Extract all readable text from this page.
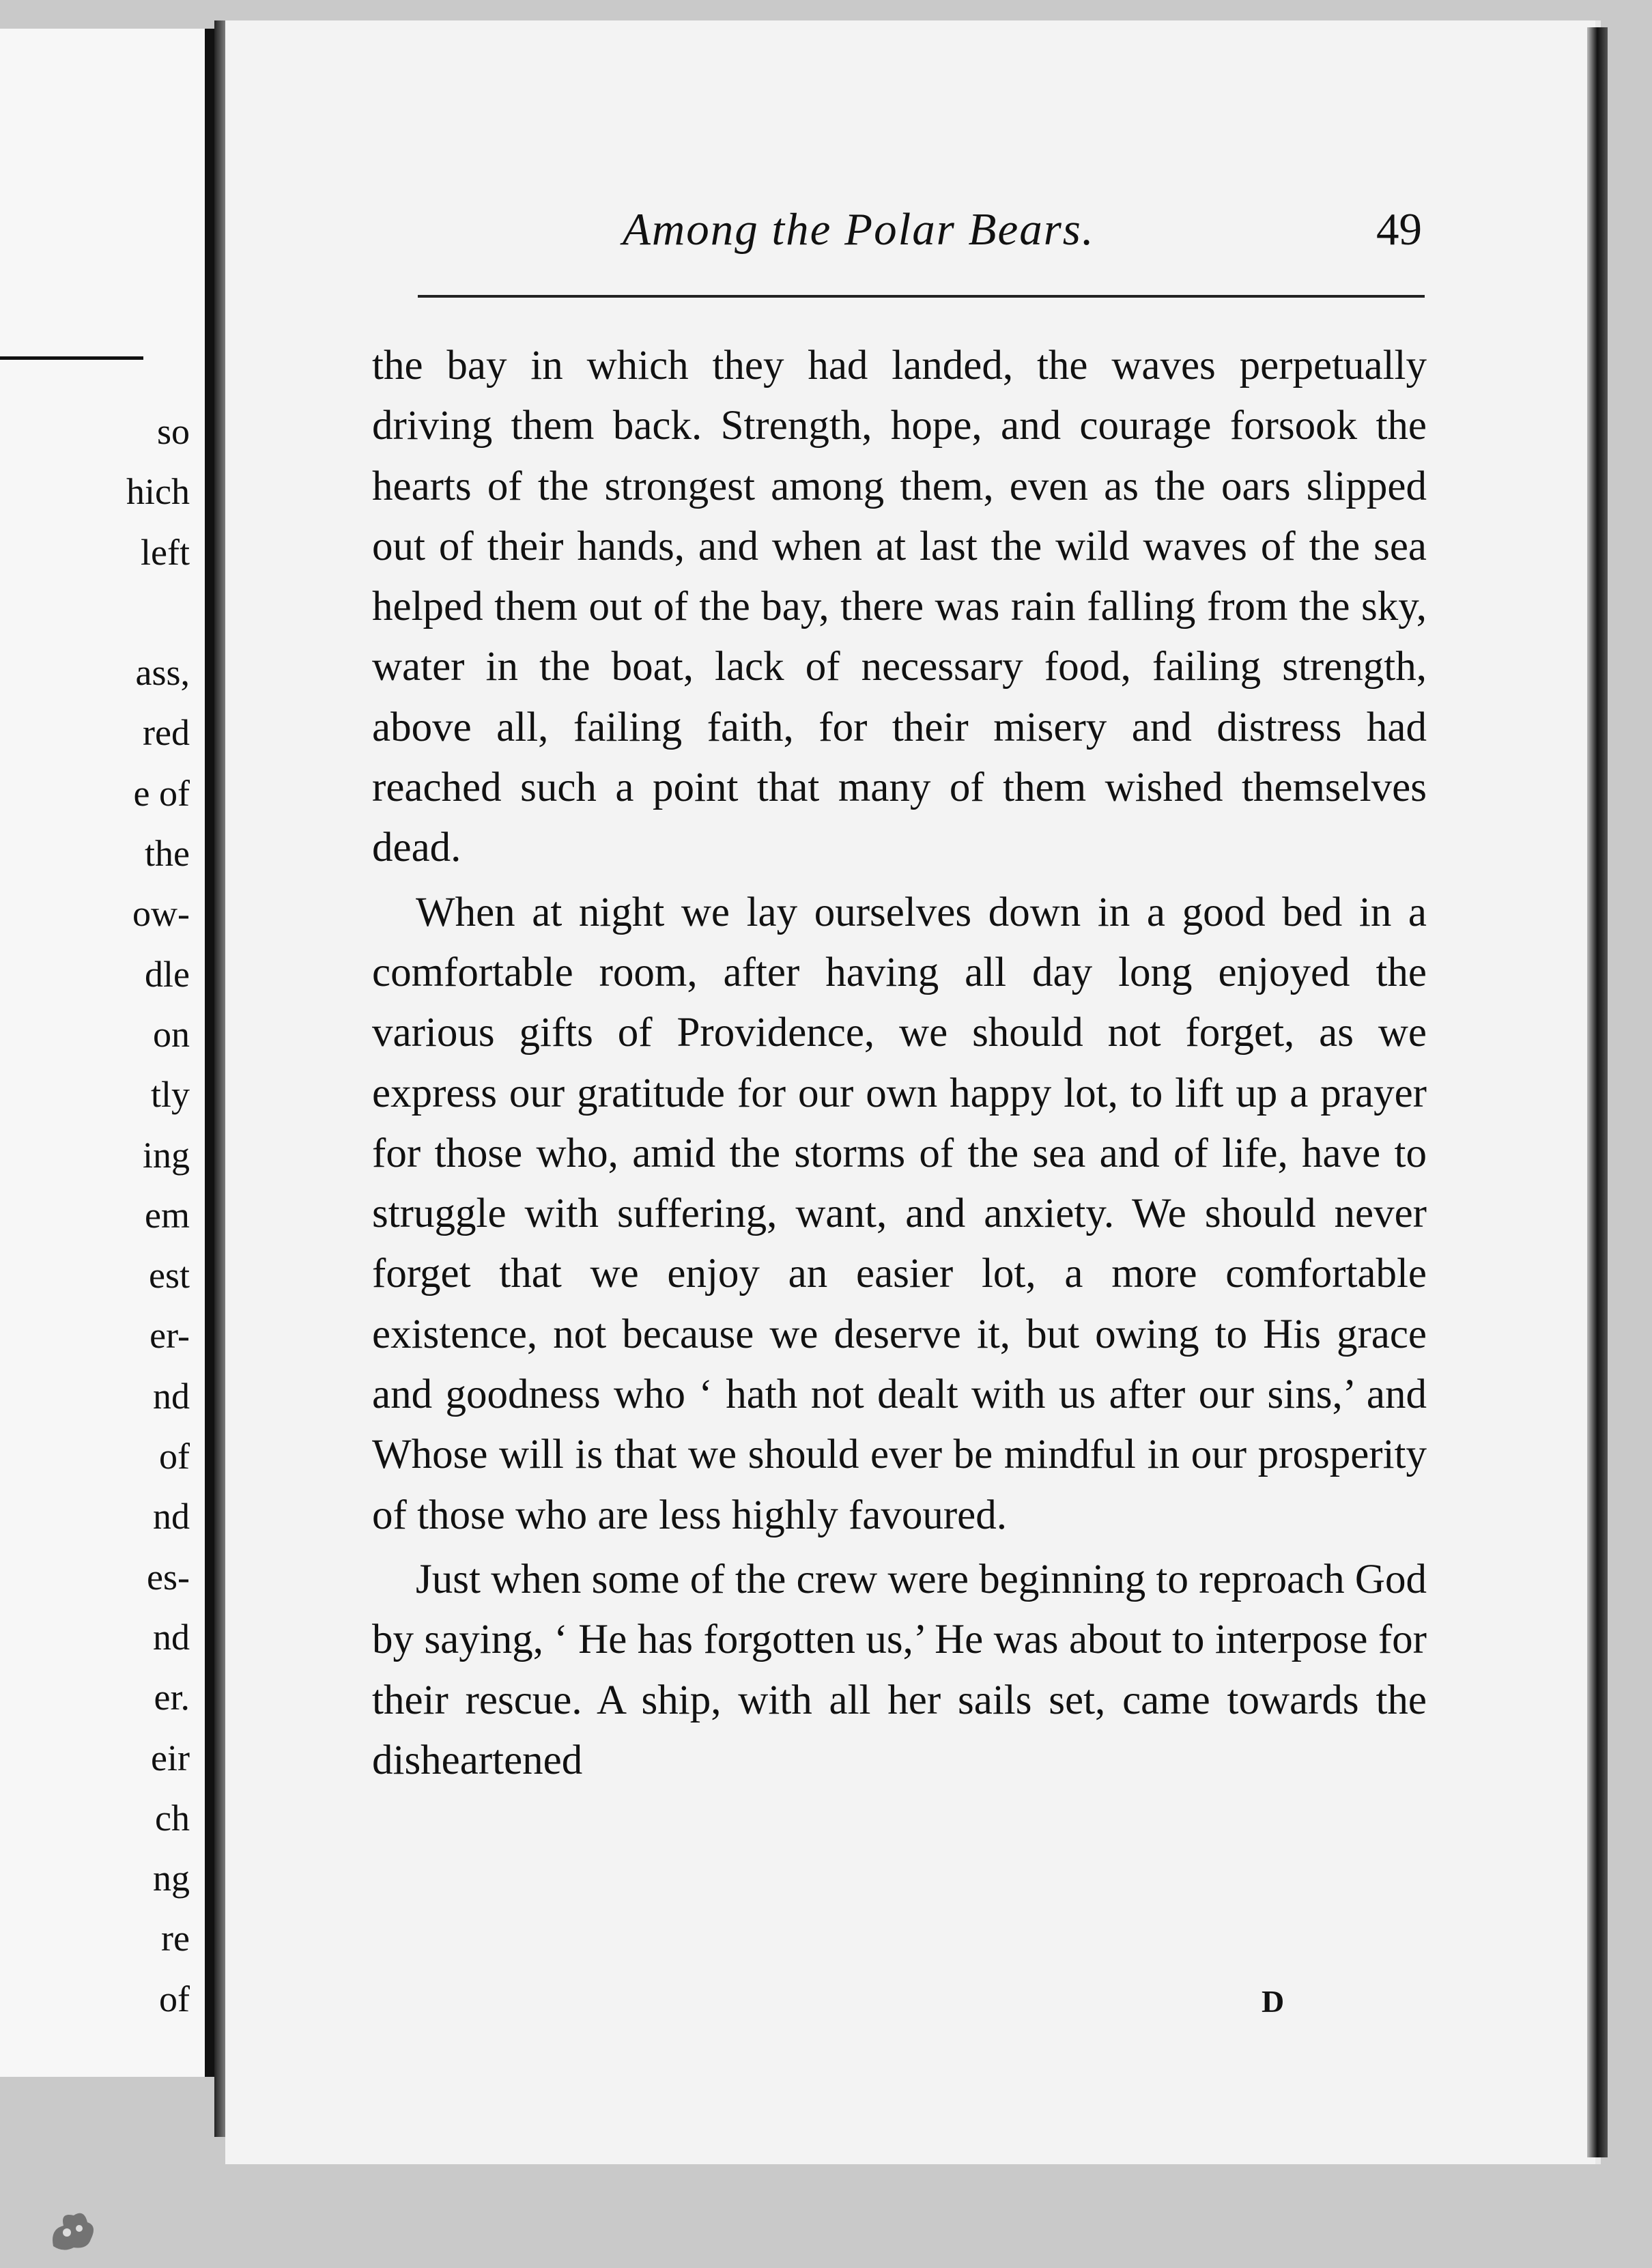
so
hich
left

ass,
red
e of
the
ow-
dle
on
tly
ing
em
est
er-
nd
of
nd
es-
nd
er.
eir
ch
ng
re
of
Among the Polar Bears.	49

the bay in which they had landed, the waves perpetually driving them back. Strength, hope, and courage forsook the hearts of the strongest among them, even as the oars slipped out of their hands, and when at last the wild waves of the sea helped them out of the bay, there was rain falling from the sky, water in the boat, lack of necessary food, failing strength, above all, failing faith, for their misery and distress had reached such a point that many of them wished themselves dead.

When at night we lay ourselves down in a good bed in a comfortable room, after having all day long enjoyed the various gifts of Providence, we should not forget, as we express our gratitude for our own happy lot, to lift up a prayer for those who, amid the storms of the sea and of life, have to struggle with suffering, want, and anxiety. We should never forget that we enjoy an easier lot, a more comfortable existence, not because we deserve it, but owing to His grace and goodness who ‘ hath not dealt with us after our sins,’ and Whose will is that we should ever be mindful in our prosperity of those who are less highly favoured.

Just when some of the crew were beginning to reproach God by saying, ‘ He has forgotten us,’ He was about to interpose for their rescue. A ship, with all her sails set, came towards the disheartened

D
